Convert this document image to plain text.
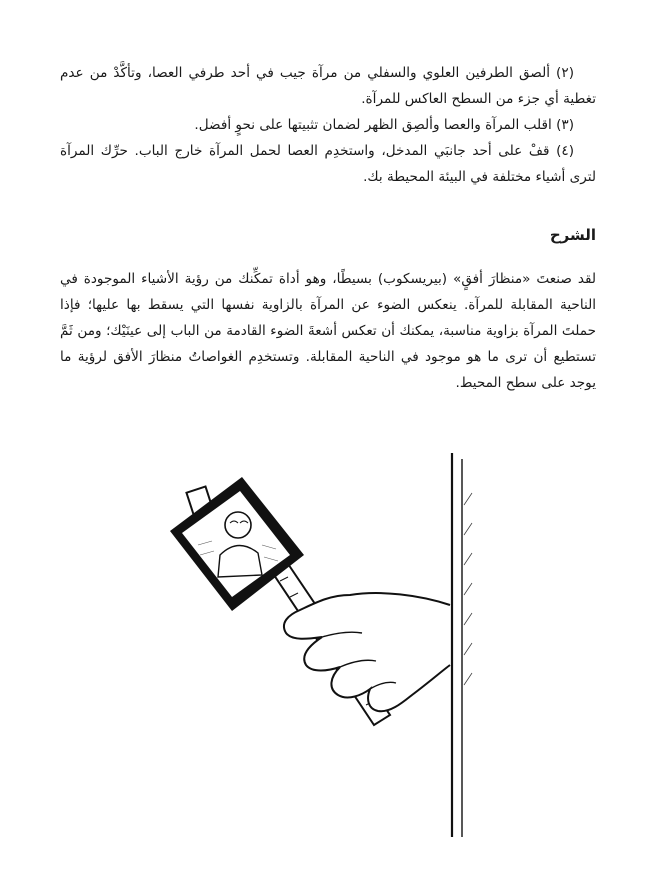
(٢) ألصق الطرفين العلوي والسفلي من مرآة جيب في أحد طرفي العصا، وتأكَّدْ من عدم تغطية أي جزء من السطح العاكس للمرآة.

(٣) اقلب المرآة والعصا وألصِق الظهر لضمان تثبيتها على نحوٍ أفضل.

(٤) قفْ على أحد جانبَي المدخل، واستخدِم العصا لحمل المرآة خارج الباب. حرِّك المرآة لترى أشياء مختلفة في البيئة المحيطة بك.

الشرح

لقد صنعتَ «منظارَ أفقٍ» (بيريسكوب) بسيطًا، وهو أداة تمكِّنك من رؤية الأشياء الموجودة في الناحية المقابلة للمرآة. ينعكس الضوء عن المرآة بالزاوية نفسها التي يسقط بها عليها؛ فإذا حملتَ المرآة بزاوية مناسبة، يمكنك أن تعكس أشعةَ الضوء القادمة من الباب إلى عينَيْك؛ ومن ثَمَّ تستطيع أن ترى ما هو موجود في الناحية المقابلة. وتستخدِم الغواصاتُ منظارَ الأفق لرؤية ما يوجد على سطح المحيط.
